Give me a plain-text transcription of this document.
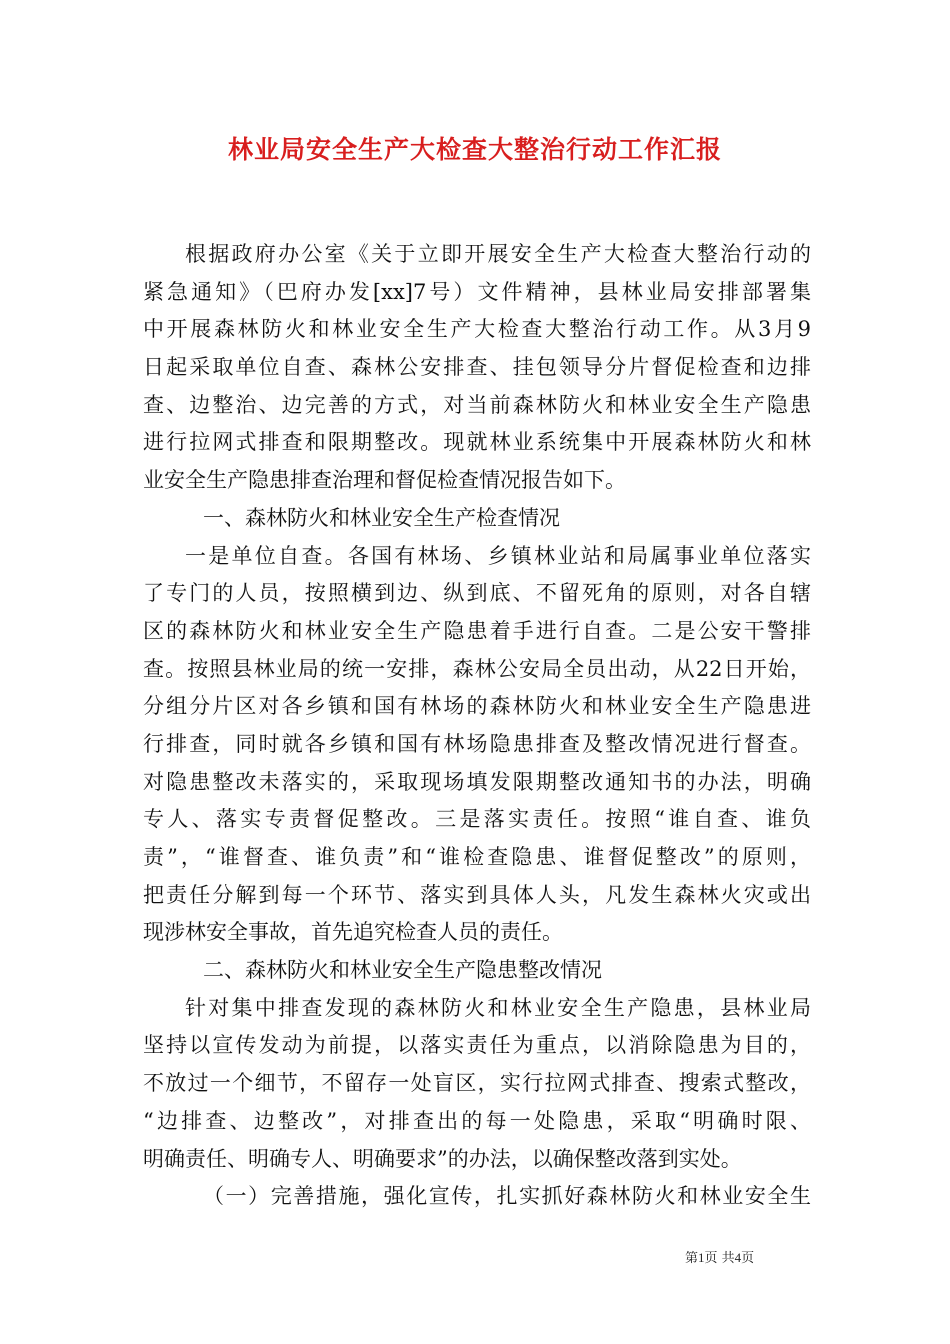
林业局安全生产大检查大整治行动工作汇报
根据政府办公室《关于立即开展安全生产大检查大整治行动的
紧急通知》（巴府办发[xx]7号）文件精神，县林业局安排部署集
中开展森林防火和林业安全生产大检查大整治行动工作。从3月9
日起采取单位自查、森林公安排查、挂包领导分片督促检查和边排
查、边整治、边完善的方式，对当前森林防火和林业安全生产隐患
进行拉网式排查和限期整改。现就林业系统集中开展森林防火和林
业安全生产隐患排查治理和督促检查情况报告如下。
一、森林防火和林业安全生产检查情况
一是单位自查。各国有林场、乡镇林业站和局属事业单位落实
了专门的人员，按照横到边、纵到底、不留死角的原则，对各自辖
区的森林防火和林业安全生产隐患着手进行自查。二是公安干警排
查。按照县林业局的统一安排，森林公安局全员出动，从22日开始，
分组分片区对各乡镇和国有林场的森林防火和林业安全生产隐患进
行排查，同时就各乡镇和国有林场隐患排查及整改情况进行督查。
对隐患整改未落实的，采取现场填发限期整改通知书的办法，明确
专人、落实专责督促整改。三是落实责任。按照“谁自查、谁负
责”，“谁督查、谁负责”和“谁检查隐患、谁督促整改”的原则，
把责任分解到每一个环节、落实到具体人头，凡发生森林火灾或出
现涉林安全事故，首先追究检查人员的责任。
二、森林防火和林业安全生产隐患整改情况
针对集中排查发现的森林防火和林业安全生产隐患，县林业局
坚持以宣传发动为前提，以落实责任为重点，以消除隐患为目的，
不放过一个细节，不留存一处盲区，实行拉网式排查、搜索式整改，
“边排查、边整改”，对排查出的每一处隐患，采取“明确时限、
明确责任、明确专人、明确要求”的办法，以确保整改落到实处。
（一）完善措施，强化宣传，扎实抓好森林防火和林业安全生
第1页 共4页
